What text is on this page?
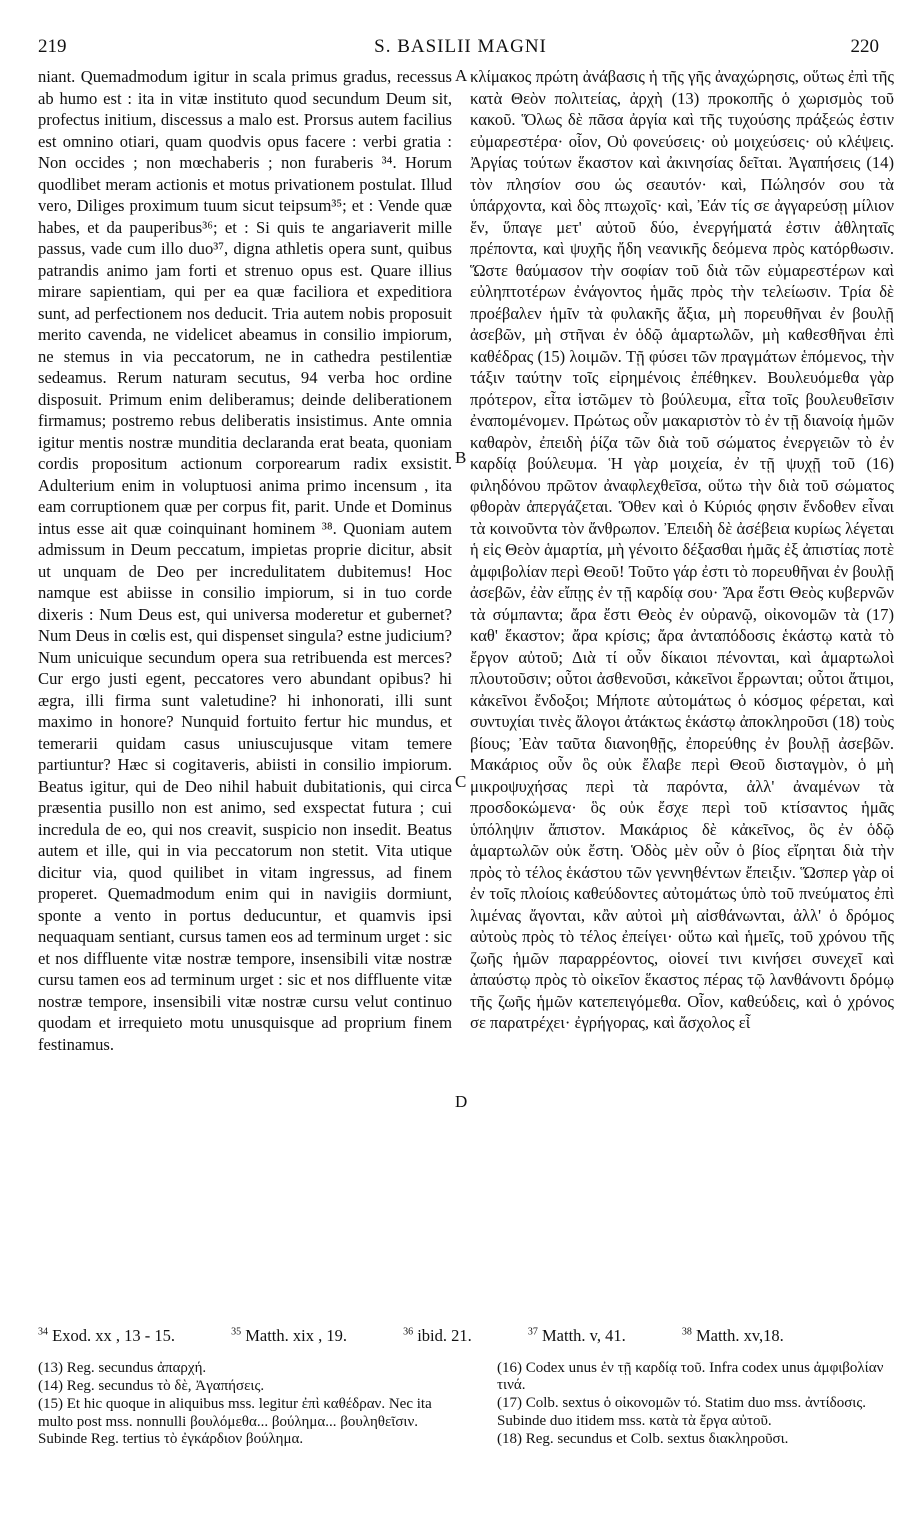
219	S. BASILII MAGNI	220

niant. Quemadmodum igitur in scala primus gradus, recessus ab humo est : ita in vitæ instituto quod secundum Deum sit, profectus initium, discessus a malo est. Prorsus autem facilius est omnino otiari, quam quodvis opus facere : verbi gratia : Non occides ; non mœchaberis ; non furaberis ³⁴. Horum quodlibet meram actionis et motus privationem postulat. Illud vero, Diliges proximum tuum sicut teipsum³⁵; et : Vende quæ habes, et da pauperibus³⁶; et : Si quis te angariaverit mille passus, vade cum illo duo³⁷, digna athletis opera sunt, quibus patrandis animo jam forti et strenuo opus est. Quare illius mirare sapientiam, qui per ea quæ faciliora et expeditiora sunt, ad perfectionem nos deducit. Tria autem nobis proposuit merito cavenda, ne videlicet abeamus in consilio impiorum, ne stemus in via peccatorum, ne in cathedra pestilentiæ sedeamus. Rerum naturam secutus, 94 verba hoc ordine disposuit. Primum enim deliberamus; deinde deliberationem firmamus; postremo rebus deliberatis insistimus. Ante omnia igitur mentis nostræ munditia declaranda erat beata, quoniam cordis propositum actionum corporearum radix exsistit. Adulterium enim in voluptuosi anima primo incensum , ita eam corruptionem quæ per corpus fit, parit. Unde et Dominus intus esse ait quæ coinquinant hominem ³⁸. Quoniam autem admissum in Deum peccatum, impietas proprie dicitur, absit ut unquam de Deo per incredulitatem dubitemus! Hoc namque est abiisse in consilio impiorum, si in tuo corde dixeris : Num Deus est, qui universa moderetur et gubernet? Num Deus in cœlis est, qui dispenset singula? estne judicium? Num unicuique secundum opera sua retribuenda est merces? Cur ergo justi egent, peccatores vero abundant opibus? hi ægra, illi firma sunt valetudine? hi inhonorati, illi sunt maximo in honore? Nunquid fortuito fertur hic mundus, et temerarii quidam casus uniuscujusque vitam temere partiuntur? Hæc si cogitaveris, abiisti in consilio impiorum. Beatus igitur, qui de Deo nihil habuit dubitationis, qui circa præsentia pusillo non est animo, sed exspectat futura ; cui incredula de eo, qui nos creavit, suspicio non insedit. Beatus autem et ille, qui in via peccatorum non stetit. Vita utique dicitur via, quod quilibet in vitam ingressus, ad finem properet. Quemadmodum enim qui in navigiis dormiunt, sponte a vento in portus deducuntur, et quamvis ipsi nequaquam sentiant, cursus tamen eos ad terminum urget : sic et nos diffluente vitæ nostræ tempore, insensibili vitæ nostræ cursu tamen eos ad terminum urget : sic et nos diffluente vitæ nostræ tempore, insensibili vitæ nostræ cursu velut continuo quodam et irrequieto motu unusquisque ad proprium finem festinamus.

A
B
C
D

κλίμακος πρώτη ἀνάβασις ἡ τῆς γῆς ἀναχώρησις, οὕτως ἐπὶ τῆς κατὰ Θεὸν πολιτείας, ἀρχὴ (13) προκοπῆς ὁ χωρισμὸς τοῦ κακοῦ. Ὅλως δὲ πᾶσα ἀργία καὶ τῆς τυχούσης πράξεώς ἐστιν εὐμαρεστέρα· οἷον, Οὐ φονεύσεις· οὐ μοιχεύσεις· οὐ κλέψεις. Ἀργίας τούτων ἕκαστον καὶ ἀκινησίας δεῖται. Ἀγαπήσεις (14) τὸν πλησίον σου ὡς σεαυτόν· καὶ, Πώλησόν σου τὰ ὑπάρχοντα, καὶ δὸς πτωχοῖς· καὶ, Ἐάν τίς σε ἀγγαρεύσῃ μίλιον ἕν, ὕπαγε μετ' αὐτοῦ δύο, ἐνεργήματά ἐστιν ἀθληταῖς πρέποντα, καὶ ψυχῆς ἤδη νεανικῆς δεόμενα πρὸς κατόρθωσιν. Ὥστε θαύμασον τὴν σοφίαν τοῦ διὰ τῶν εὐμαρεστέρων καὶ εὐληπτοτέρων ἐνάγοντος ἡμᾶς πρὸς τὴν τελείωσιν. Τρία δὲ προέβαλεν ἡμῖν τὰ φυλακῆς ἄξια, μὴ πορευθῆναι ἐν βουλῇ ἀσεβῶν, μὴ στῆναι ἐν ὁδῷ ἁμαρτωλῶν, μὴ καθεσθῆναι ἐπὶ καθέδρας (15) λοιμῶν. Τῇ φύσει τῶν πραγμάτων ἑπόμενος, τὴν τάξιν ταύτην τοῖς εἰρημένοις ἐπέθηκεν. Βουλευόμεθα γὰρ πρότερον, εἶτα ἱστῶμεν τὸ βούλευμα, εἶτα τοῖς βουλευθεῖσιν ἐναπομένομεν. Πρώτως οὖν μακαριστὸν τὸ ἐν τῇ διανοίᾳ ἡμῶν καθαρὸν, ἐπειδὴ ῥίζα τῶν διὰ τοῦ σώματος ἐνεργειῶν τὸ ἐν καρδίᾳ βούλευμα. Ἡ γὰρ μοιχεία, ἐν τῇ ψυχῇ τοῦ (16) φιληδόνου πρῶτον ἀναφλεχθεῖσα, οὕτω τὴν διὰ τοῦ σώματος φθορὰν ἀπεργάζεται. Ὅθεν καὶ ὁ Κύριός φησιν ἔνδοθεν εἶναι τὰ κοινοῦντα τὸν ἄνθρωπον. Ἐπειδὴ δὲ ἀσέβεια κυρίως λέγεται ἡ εἰς Θεὸν ἁμαρτία, μὴ γένοιτο δέξασθαι ἡμᾶς ἐξ ἀπιστίας ποτὲ ἀμφιβολίαν περὶ Θεοῦ! Τοῦτο γάρ ἐστι τὸ πορευθῆναι ἐν βουλῇ ἀσεβῶν, ἐὰν εἴπῃς ἐν τῇ καρδίᾳ σου· Ἄρα ἔστι Θεὸς κυβερνῶν τὰ σύμπαντα; ἄρα ἔστι Θεὸς ἐν οὐρανῷ, οἰκονομῶν τὰ (17) καθ' ἕκαστον; ἄρα κρίσις; ἄρα ἀνταπόδοσις ἑκάστῳ κατὰ τὸ ἔργον αὐτοῦ; Διὰ τί οὖν δίκαιοι πένονται, καὶ ἁμαρτωλοὶ πλουτοῦσιν; οὗτοι ἀσθενοῦσι, κἀκεῖνοι ἔρρωνται; οὗτοι ἄτιμοι, κἀκεῖνοι ἔνδοξοι; Μήποτε αὐτομάτως ὁ κόσμος φέρεται, καὶ συντυχίαι τινὲς ἄλογοι ἀτάκτως ἑκάστῳ ἀποκληροῦσι (18) τοὺς βίους; Ἐὰν ταῦτα διανοηθῇς, ἐπορεύθης ἐν βουλῇ ἀσεβῶν. Μακάριος οὖν ὃς οὐκ ἔλαβε περὶ Θεοῦ δισταγμὸν, ὁ μὴ μικροψυχήσας περὶ τὰ παρόντα, ἀλλ' ἀναμένων τὰ προσδοκώμενα· ὃς οὐκ ἔσχε περὶ τοῦ κτίσαντος ἡμᾶς ὑπόληψιν ἄπιστον. Μακάριος δὲ κἀκεῖνος, ὃς ἐν ὁδῷ ἁμαρτωλῶν οὐκ ἔστη. Ὁδὸς μὲν οὖν ὁ βίος εἴρηται διὰ τὴν πρὸς τὸ τέλος ἑκάστου τῶν γεννηθέντων ἔπειξιν. Ὥσπερ γὰρ οἱ ἐν τοῖς πλοίοις καθεύδοντες αὐτομάτως ὑπὸ τοῦ πνεύματος ἐπὶ λιμένας ἄγονται, κἂν αὐτοὶ μὴ αἰσθάνωνται, ἀλλ' ὁ δρόμος αὐτοὺς πρὸς τὸ τέλος ἐπείγει· οὕτω καὶ ἡμεῖς, τοῦ χρόνου τῆς ζωῆς ἡμῶν παραρρέοντος, οἱονεί τινι κινήσει συνεχεῖ καὶ ἀπαύστῳ πρὸς τὸ οἰκεῖον ἕκαστος πέρας τῷ λανθάνοντι δρόμῳ τῆς ζωῆς ἡμῶν κατεπειγόμεθα. Οἷον, καθεύδεις, καὶ ὁ χρόνος σε παρατρέχει· ἐγρήγορας, καὶ ἄσχολος εἶ

$^{34}$ Exod. xx , 13 - 15.	$^{35}$ Matth. xix , 19.	$^{36}$ ibid. 21.	$^{37}$ Matth. v, 41.	$^{38}$ Matth. xv,18.

(13) Reg. secundus ἀπαρχή.

(14) Reg. secundus τὸ δὲ, Ἀγαπήσεις.

(15) Et hic quoque in aliquibus mss. legitur ἐπὶ καθέδραν. Nec ita multo post mss. nonnulli βουλόμεθα... βούλημα... βουληθεῖσιν. Subinde Reg. tertius τὸ ἐγκάρδιον βούλημα.

(16) Codex unus ἐν τῇ καρδίᾳ τοῦ. Infra codex unus ἀμφιβολίαν τινά.

(17) Colb. sextus ὁ οἰκονομῶν τό. Statim duo mss. ἀντίδοσις. Subinde duo itidem mss. κατὰ τὰ ἔργα αὐτοῦ.

(18) Reg. secundus et Colb. sextus διακληροῦσι.
